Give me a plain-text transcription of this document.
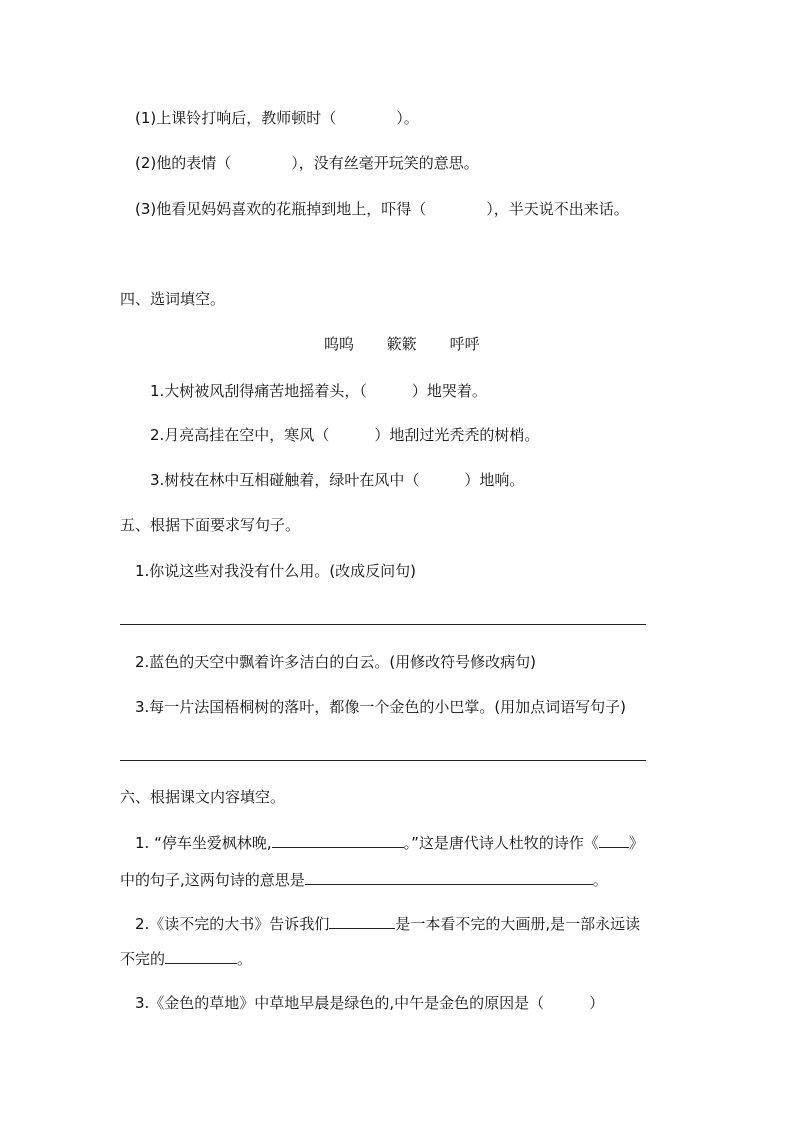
(1)上课铃打响后，教师顿时（　　　　）。
(2)他的表情（　　　　），没有丝毫开玩笑的意思。
(3)他看见妈妈喜欢的花瓶掉到地上，吓得（　　　　），半天说不出来话。
四、选词填空。
呜呜 簌簌 呼呼
1.大树被风刮得痛苦地摇着头，（　　　）地哭着。
2.月亮高挂在空中，寒风（　　　）地刮过光秃秃的树梢。
3.树枝在林中互相碰触着，绿叶在风中（　　　）地响。
五、根据下面要求写句子。
1.你说这些对我没有什么用。(改成反问句)
2.蓝色的天空中飘着许多洁白的白云。(用修改符号修改病句)
3.每一片法国梧桐树的落叶，都像一个金色的小巴掌。(用加点词语写句子)
六、根据课文内容填空。
1. “停车坐爱枫林晚,	。”这是唐代诗人杜牧的诗作《 》
中的句子,这两句诗的意思是	。
2.《读不完的大书》告诉我们	是一本看不完的大画册,是一部永远读
不完的	。
3.《金色的草地》中草地早晨是绿色的,中午是金色的原因是（　　　）
